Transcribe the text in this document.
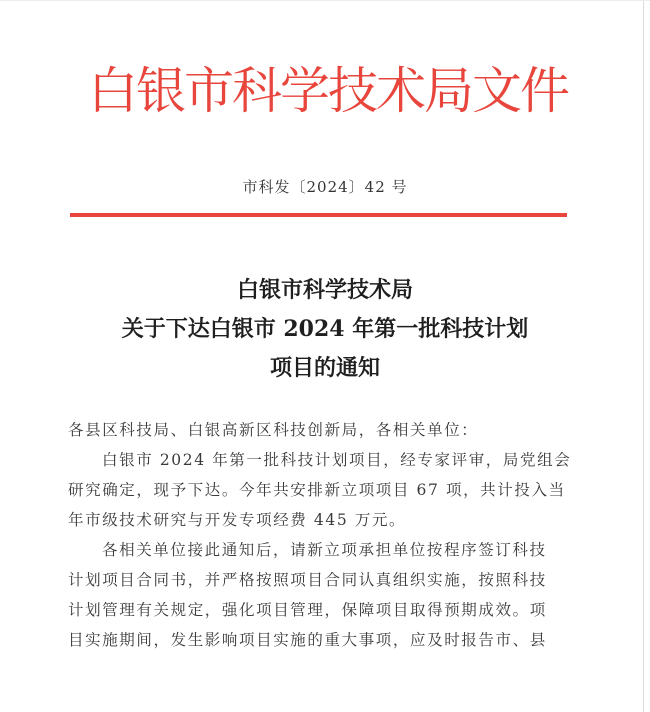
白银市科学技术局文件
市科发〔2024〕42 号
白银市科学技术局
关于下达白银市 2024 年第一批科技计划
项目的通知

各县区科技局、白银高新区科技创新局，各相关单位：

白银市 2024 年第一批科技计划项目，经专家评审，局党组会

研究确定，现予下达。今年共安排新立项项目 67 项，共计投入当

年市级技术研究与开发专项经费 445 万元。

各相关单位接此通知后，请新立项承担单位按程序签订科技

计划项目合同书，并严格按照项目合同认真组织实施，按照科技

计划管理有关规定，强化项目管理，保障项目取得预期成效。项

目实施期间，发生影响项目实施的重大事项，应及时报告市、县
